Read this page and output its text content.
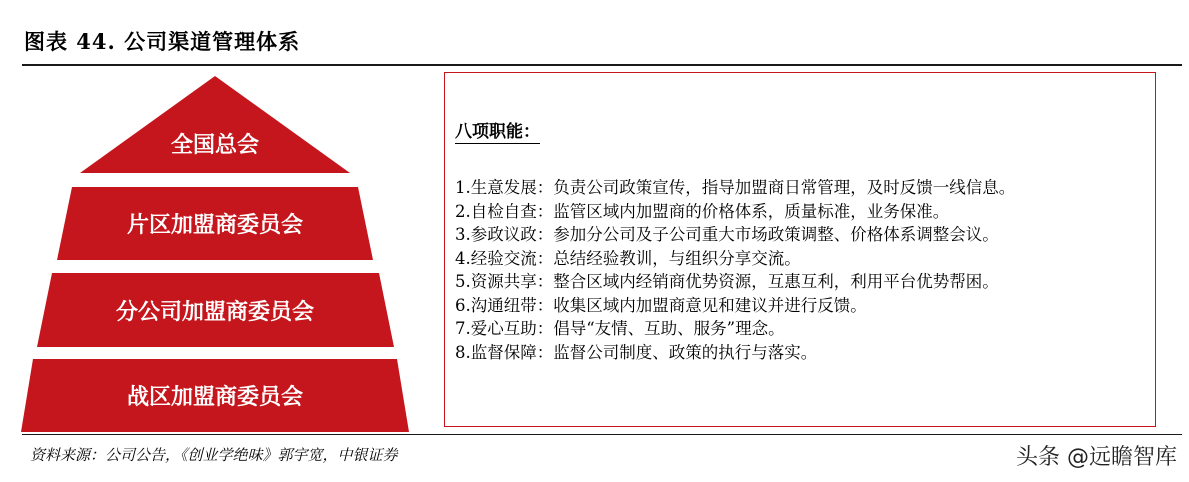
图表 44. 公司渠道管理体系
全国总会
片区加盟商委员会
分公司加盟商委员会
战区加盟商委员会
八项职能：
1.生意发展：负责公司政策宣传，指导加盟商日常管理，及时反馈一线信息。
2.自检自查：监管区域内加盟商的价格体系，质量标准，业务保准。
3.参政议政：参加分公司及子公司重大市场政策调整、价格体系调整会议。
4.经验交流：总结经验教训，与组织分享交流。
5.资源共享：整合区域内经销商优势资源，互惠互利，利用平台优势帮困。
6.沟通纽带：收集区域内加盟商意见和建议并进行反馈。
7.爱心互助：倡导“友情、互助、服务”理念。
8.监督保障：监督公司制度、政策的执行与落实。
资料来源：公司公告，《创业学绝味》郭宇宽，中银证券	头条 @远瞻智库
